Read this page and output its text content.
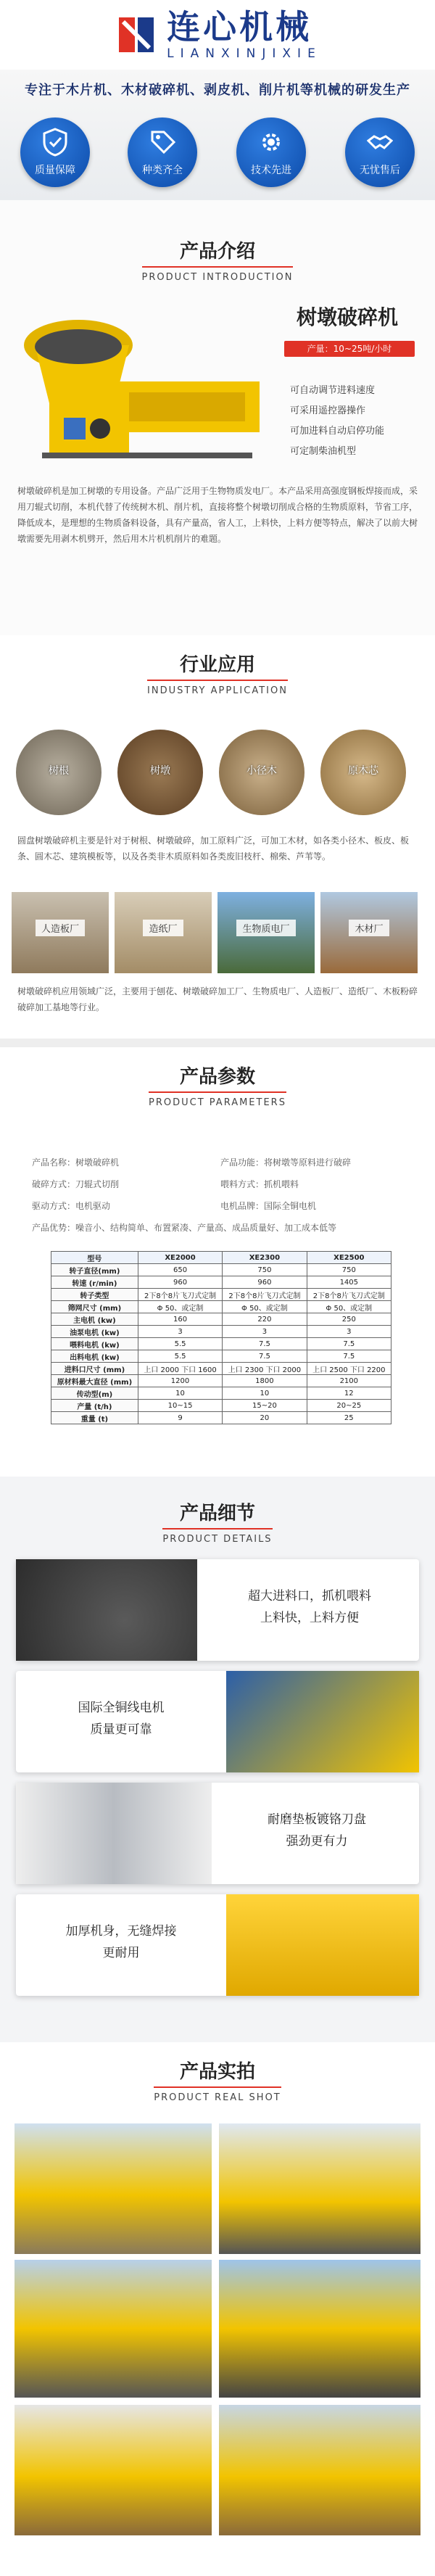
连心机械
LIANXINJIXIE
专注于木片机、木材破碎机、剥皮机、削片机等机械的研发生产
质量保障	种类齐全	技术先进	无忧售后
产品介绍
PRODUCT INTRODUCTION
树墩破碎机
产量：10~25吨/小时
可自动调节进料速度
可采用遥控器操作
可加进料自动启停功能
可定制柴油机型
树墩破碎机是加工树墩的专用设备。产品广泛用于生物物质发电厂。本产品采用高强度钢板焊接而成，采用刀辊式切削，本机代替了传统树木机、削片机，直接将整个树墩切削成合格的生物质原料，节省工序，降低成本，是理想的生物质备料设备，具有产量高，省人工，上料快，上料方便等特点，解决了以前大树墩需要先用剥木机劈开，然后用木片机机削片的难题。
行业应用
INDUSTRY APPLICATION
树根	树墩	小径木	原木芯
圆盘树墩破碎机主要是针对于树根、树墩破碎，加工原料广泛，可加工木材，如各类小径木、板皮、板条、圆木芯、建筑模板等，以及各类非木质原料如各类废旧枝杆、棉柴、芦苇等。
人造板厂	造纸厂	生物质电厂	木材厂
树墩破碎机应用领域广泛，主要用于刨花、树墩破碎加工厂、生物质电厂、人造板厂、造纸厂、木板粉碎破碎加工基地等行业。
产品参数
PRODUCT PARAMETERS
产品名称：树墩破碎机	产品功能：将树墩等原料进行破碎
破碎方式：刀辊式切削	喂料方式：抓机喂料
驱动方式：电机驱动	电机品牌：国际全铜电机
产品优势：噪音小、结构简单、布置紧凑、产量高、成品质量好、加工成本低等
型号	XE2000	XE2300	XE2500
转子直径(mm)	650	750	750
转速 (r/min)	960	960	1405
转子类型	2下8个8片飞刀式定制	2下8个8片飞刀式定制	2下8个8片飞刀式定制
筛网尺寸 (mm)	Φ 50、或定制	Φ 50、或定制	Φ 50、或定制
主电机 (kw)	160	220	250
油泵电机 (kw)	3	3	3
喂料电机 (kw)	5.5	7.5	7.5
出料电机 (kw)	5.5	7.5	7.5
进料口尺寸 (mm)	上口 2000 下口 1600	上口 2300 下口 2000	上口 2500 下口 2200
原材料最大直径 (mm)	1200	1800	2100
传动型(m)	10	10	12
产量 (t/h)	10~15	15~20	20~25
重量 (t)	9	20	25
产品细节
PRODUCT DETAILS
超大进料口，抓机喂料
上料快，上料方便
国际全铜线电机
质量更可靠
耐磨垫板镀铬刀盘
强劲更有力
加厚机身，无缝焊接
更耐用
产品实拍
PRODUCT REAL SHOT
